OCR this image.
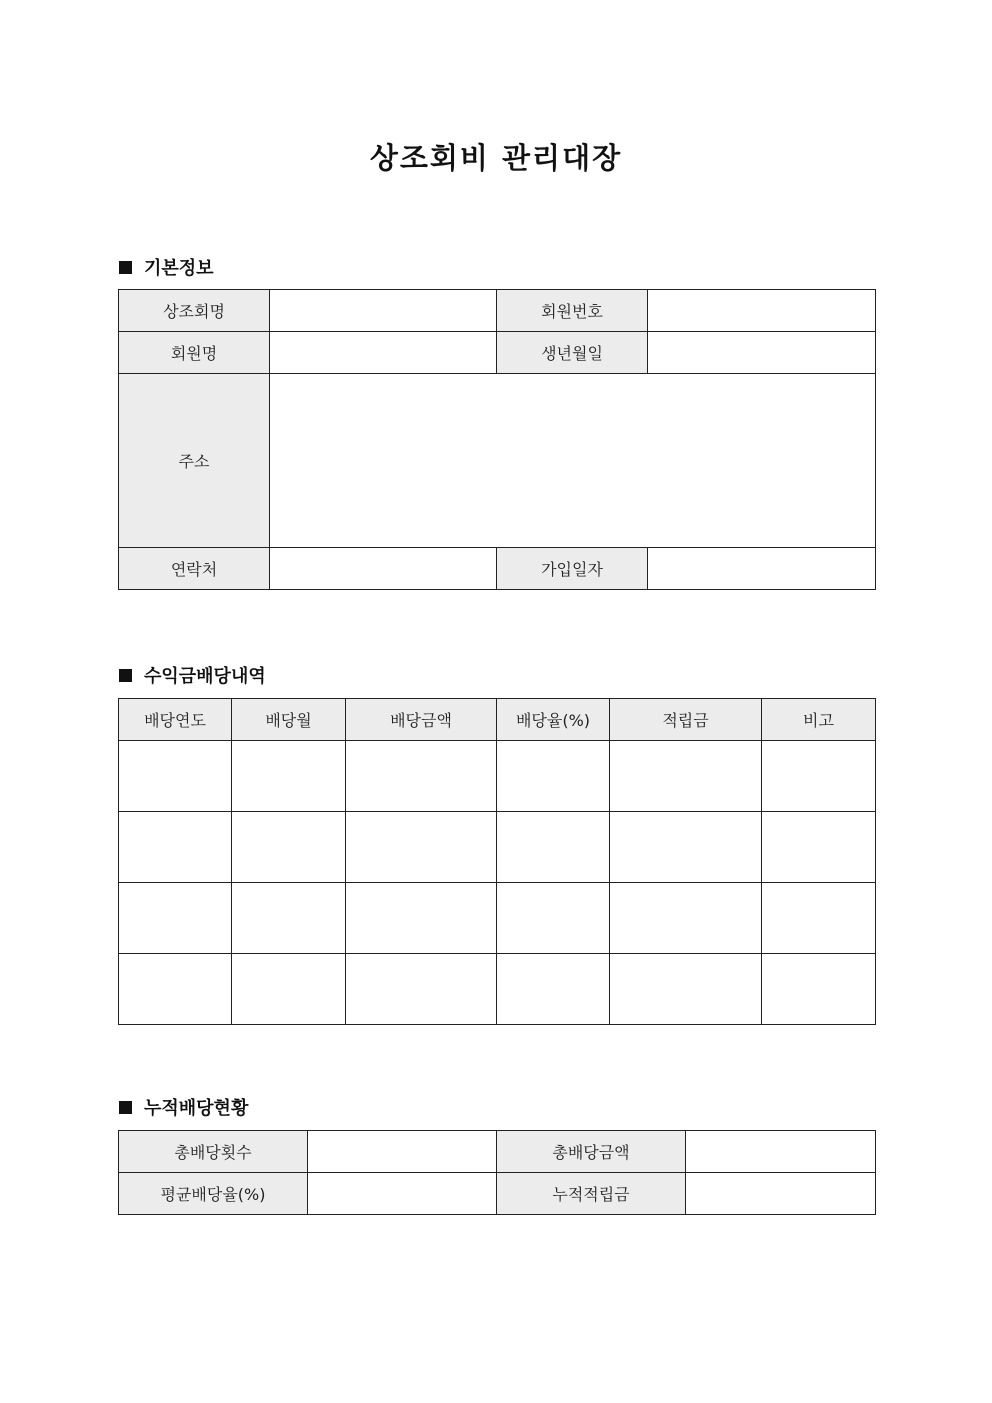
상조회비 관리대장
기본정보
상조회명		회원번호	
회원명		생년월일	
주소			
연락처		가입일자	
수익금배당내역
배당연도	배당월	배당금액	배당율(%)	적립금	비고

누적배당현황
총배당횟수		총배당금액	
평균배당율(%)		누적적립금	
